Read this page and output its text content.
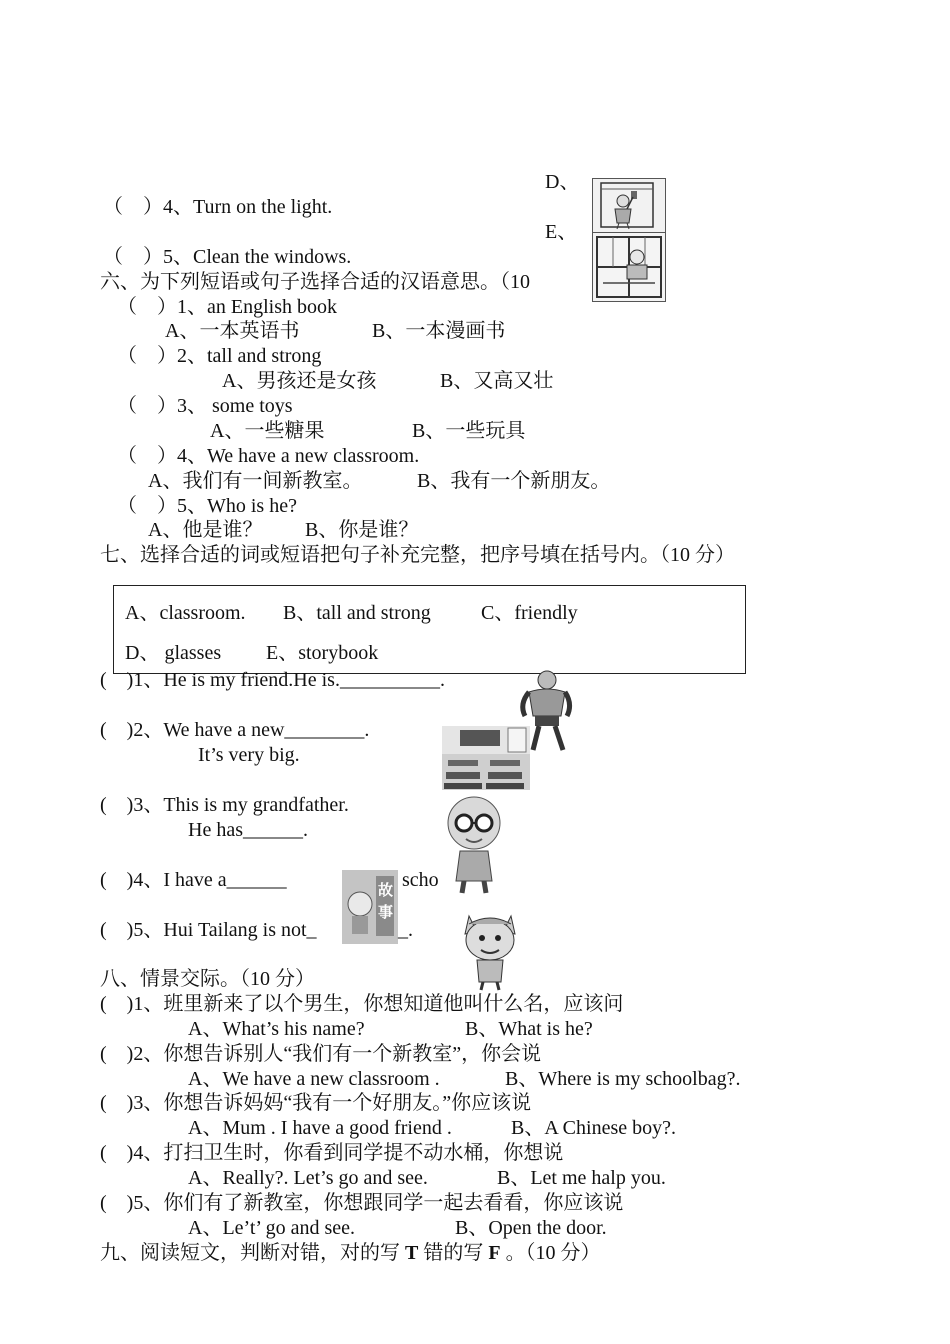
D、
（　）4、Turn on the light.
E、
（　）5、Clean the windows.
六、为下列短语或句子选择合适的汉语意思。（10
（　）1、an English book
A、一本英语书	B、一本漫画书
（　）2、tall and strong
A、男孩还是女孩	B、又高又壮
（　）3、 some toys
A、一些糖果	B、一些玩具
（　）4、We have a new classroom.
A、我们有一间新教室。	B、我有一个新朋友。
（　）5、Who is he?
A、他是谁？ B、你是谁？
七、选择合适的词或短语把句子补充完整，把序号填在括号内。（10 分）
A、classroom. B、tall and strong	C、friendly
D、 glasses E、storybook
(　)1、He is my friend.He is.__________.
(　)2、We have a new________.
It’s very big.
(　)3、This is my grandfather.
He has______.
(　)4、I have a______	scho
故
事
(　)5、Hui Tailang is not_	_.
八、情景交际。（10 分）
(　)1、班里新来了以个男生，你想知道他叫什么名，应该问
A、What’s his name?	B、What is he?
(　)2、你想告诉别人“我们有一个新教室”，你会说
A、We have a new classroom .	B、Where is my schoolbag?.
(　)3、你想告诉妈妈“我有一个好朋友。”你应该说
A、Mum . I have a good friend .	B、A Chinese boy?.
(　)4、打扫卫生时，你看到同学提不动水桶，你想说
A、Really?. Let’s go and see.	B、Let me halp you.
(　)5、你们有了新教室，你想跟同学一起去看看，你应该说
A、Le’t’ go and see.	B、Open the door.
九、阅读短文，判断对错，对的写 T 错的写 F 。（10 分）
